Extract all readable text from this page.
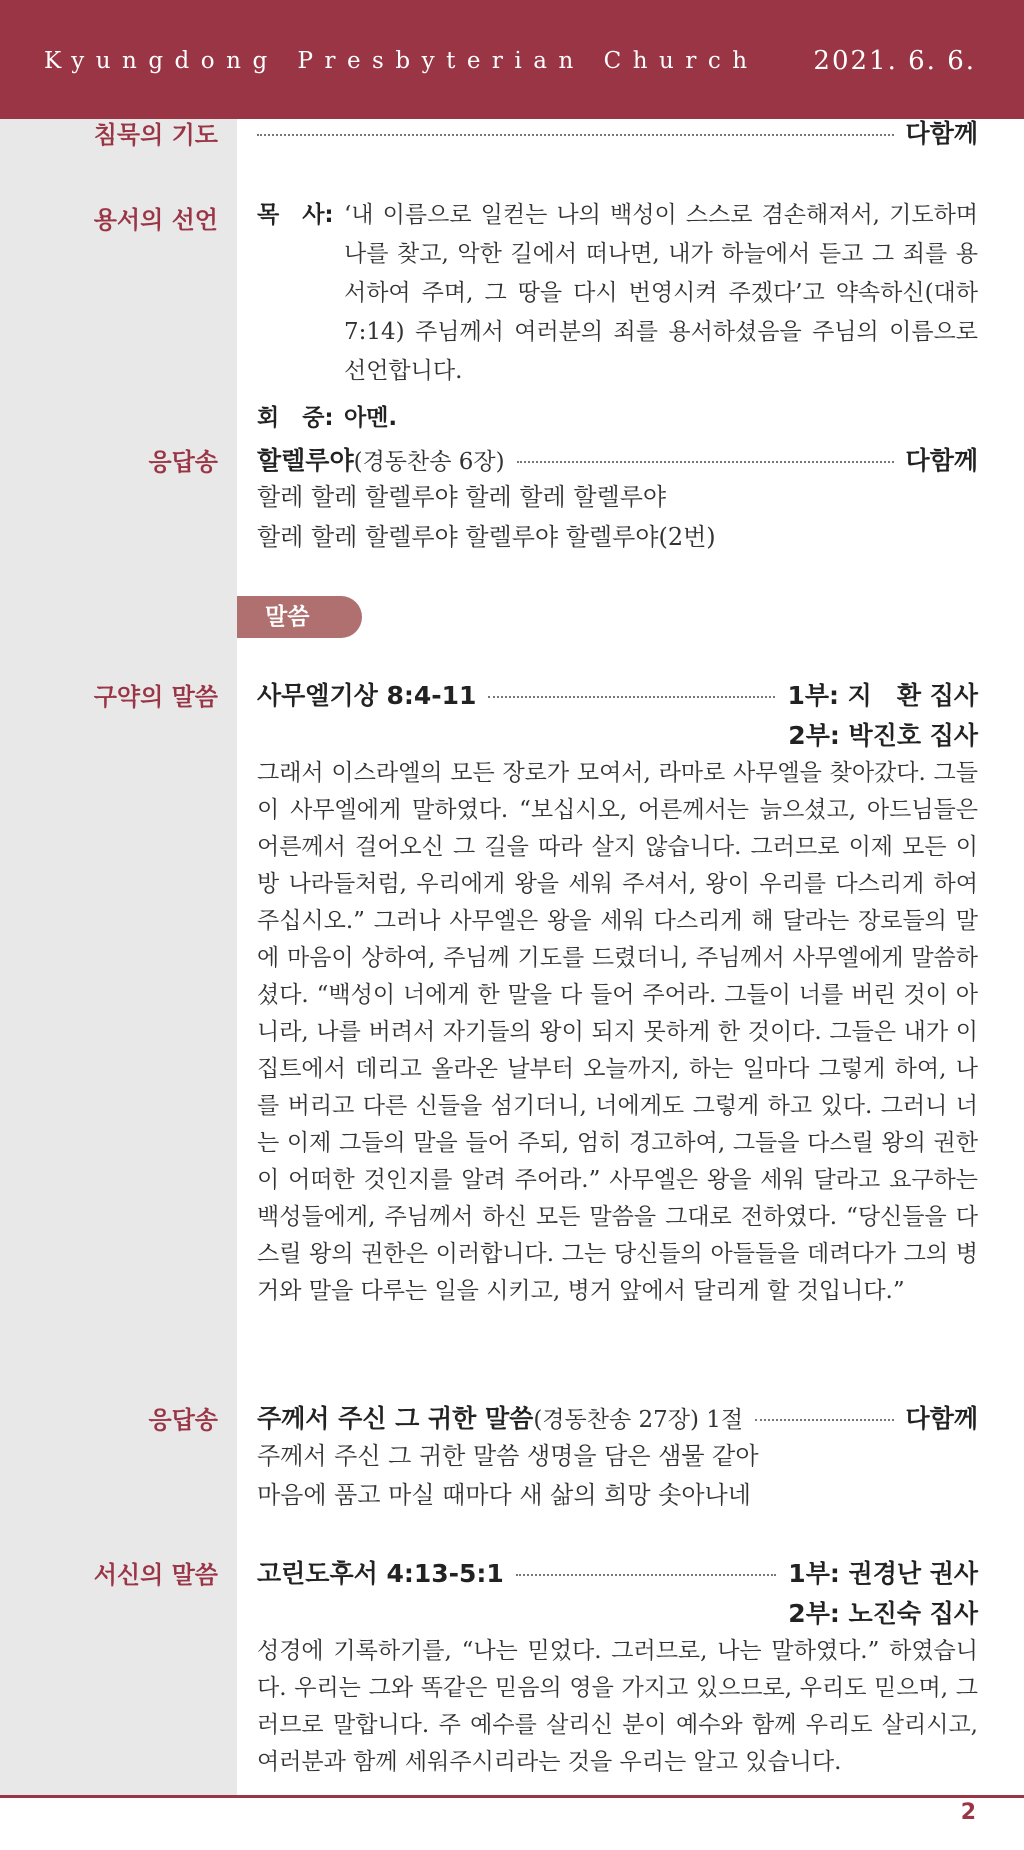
Kyungdong Presbyterian Church 2021. 6. 6.
침묵의 기도	다함께
용서의 선언 목　사: ‘내 이름으로 일컫는 나의 백성이 스스로 겸손해져서, 기도하며 나를 찾고, 악한 길에서 떠나면, 내가 하늘에서 듣고 그 죄를 용서하여 주며, 그 땅을 다시 번영시켜 주겠다’고 약속하신(대하 7:14) 주님께서 여러분의 죄를 용서하셨음을 주님의 이름으로 선언합니다.
회　중: 아멘.
응답송 할렐루야 (경동찬송 6장)	다함께
할레 할레 할렐루야 할레 할레 할렐루야
할레 할레 할렐루야 할렐루야 할렐루야(2번)
말씀
구약의 말씀 사무엘기상 8:4-11	1부: 지　환 집사
2부: 박진호 집사
그래서 이스라엘의 모든 장로가 모여서, 라마로 사무엘을 찾아갔다. 그들이 사무엘에게 말하였다. “보십시오, 어른께서는 늙으셨고, 아드님들은 어른께서 걸어오신 그 길을 따라 살지 않습니다. 그러므로 이제 모든 이방 나라들처럼, 우리에게 왕을 세워 주셔서, 왕이 우리를 다스리게 하여 주십시오.” 그러나 사무엘은 왕을 세워 다스리게 해 달라는 장로들의 말에 마음이 상하여, 주님께 기도를 드렸더니, 주님께서 사무엘에게 말씀하셨다. “백성이 너에게 한 말을 다 들어 주어라. 그들이 너를 버린 것이 아니라, 나를 버려서 자기들의 왕이 되지 못하게 한 것이다. 그들은 내가 이집트에서 데리고 올라온 날부터 오늘까지, 하는 일마다 그렇게 하여, 나를 버리고 다른 신들을 섬기더니, 너에게도 그렇게 하고 있다. 그러니 너는 이제 그들의 말을 들어 주되, 엄히 경고하여, 그들을 다스릴 왕의 권한이 어떠한 것인지를 알려 주어라.” 사무엘은 왕을 세워 달라고 요구하는 백성들에게, 주님께서 하신 모든 말씀을 그대로 전하였다. “당신들을 다스릴 왕의 권한은 이러합니다. 그는 당신들의 아들들을 데려다가 그의 병거와 말을 다루는 일을 시키고, 병거 앞에서 달리게 할 것입니다.”
응답송 주께서 주신 그 귀한 말씀 (경동찬송 27장) 1절	다함께
주께서 주신 그 귀한 말씀 생명을 담은 샘물 같아
마음에 품고 마실 때마다 새 삶의 희망 솟아나네
서신의 말씀 고린도후서 4:13-5:1	1부: 권경난 권사
2부: 노진숙 집사
성경에 기록하기를, “나는 믿었다. 그러므로, 나는 말하였다.” 하였습니다. 우리는 그와 똑같은 믿음의 영을 가지고 있으므로, 우리도 믿으며, 그러므로 말합니다. 주 예수를 살리신 분이 예수와 함께 우리도 살리시고, 여러분과 함께 세워주시리라는 것을 우리는 알고 있습니다.
2
